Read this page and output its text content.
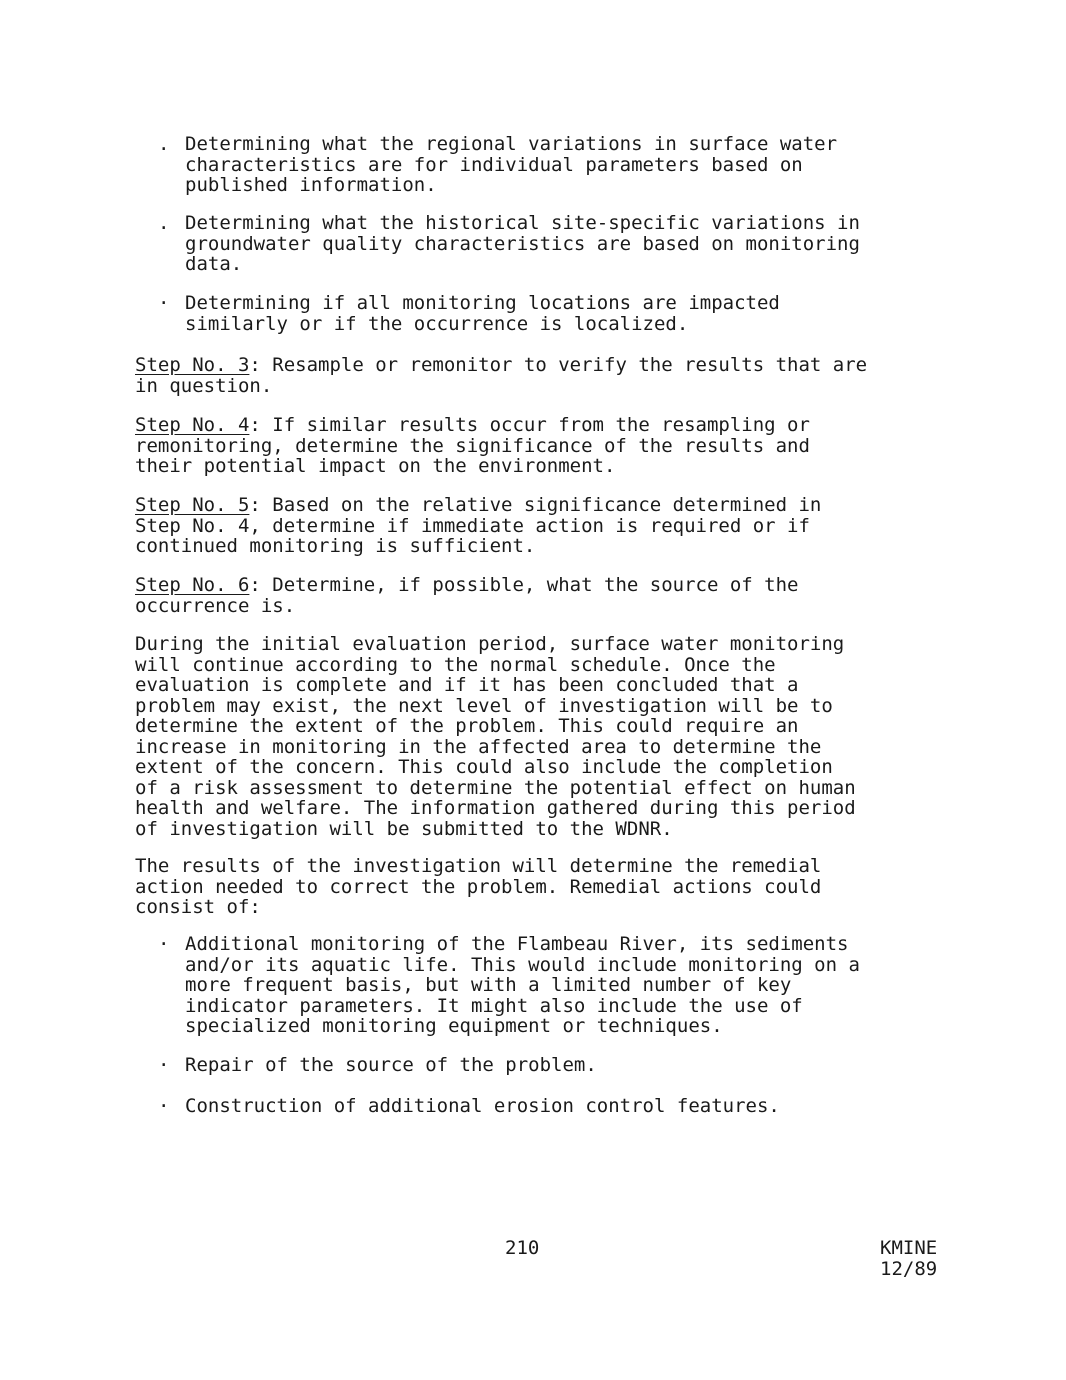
. Determining what the regional variations in surface water
characteristics are for individual parameters based on
published information.
. Determining what the historical site-specific variations in
groundwater quality characteristics are based on monitoring
data.
· Determining if all monitoring locations are impacted
similarly or if the occurrence is localized.
Step No. 3: Resample or remonitor to verify the results that are
in question.
Step No. 4: If similar results occur from the resampling or
remonitoring, determine the significance of the results and
their potential impact on the environment.
Step No. 5: Based on the relative significance determined in
Step No. 4, determine if immediate action is required or if
continued monitoring is sufficient.
Step No. 6: Determine, if possible, what the source of the
occurrence is.
During the initial evaluation period, surface water monitoring
will continue according to the normal schedule. Once the
evaluation is complete and if it has been concluded that a
problem may exist, the next level of investigation will be to
determine the extent of the problem. This could require an
increase in monitoring in the affected area to determine the
extent of the concern. This could also include the completion
of a risk assessment to determine the potential effect on human
health and welfare. The information gathered during this period
of investigation will be submitted to the WDNR.
The results of the investigation will determine the remedial
action needed to correct the problem. Remedial actions could
consist of:
· Additional monitoring of the Flambeau River, its sediments
and/or its aquatic life. This would include monitoring on a
more frequent basis, but with a limited number of key
indicator parameters. It might also include the use of
specialized monitoring equipment or techniques.
· Repair of the source of the problem.
· Construction of additional erosion control features.
210	KMINE
12/89
